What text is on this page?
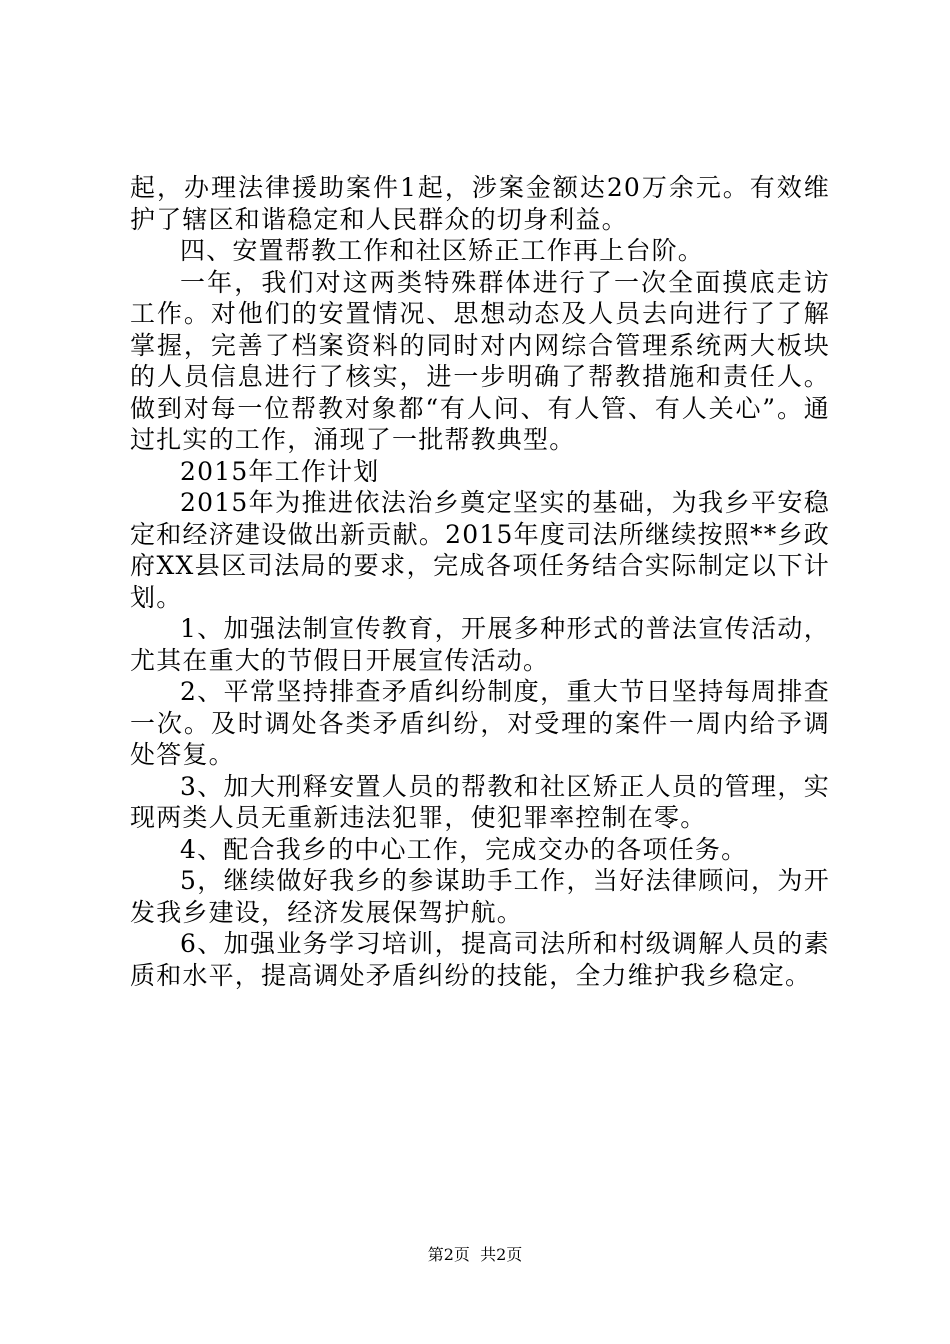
起，办理法律援助案件1起，涉案金额达20万余元。有效维护了辖区和谐稳定和人民群众的切身利益。

四、安置帮教工作和社区矫正工作再上台阶。

一年，我们对这两类特殊群体进行了一次全面摸底走访工作。对他们的安置情况、思想动态及人员去向进行了了解掌握，完善了档案资料的同时对内网综合管理系统两大板块的人员信息进行了核实，进一步明确了帮教措施和责任人。做到对每一位帮教对象都“有人问、有人管、有人关心”。通过扎实的工作，涌现了一批帮教典型。

2015年工作计划

2015年为推进依法治乡奠定坚实的基础，为我乡平安稳定和经济建设做出新贡献。2015年度司法所继续按照**乡政府XX县区司法局的要求，完成各项任务结合实际制定以下计划。

1、加强法制宣传教育，开展多种形式的普法宣传活动，尤其在重大的节假日开展宣传活动。

2、平常坚持排查矛盾纠纷制度，重大节日坚持每周排查一次。及时调处各类矛盾纠纷，对受理的案件一周内给予调处答复。

3、加大刑释安置人员的帮教和社区矫正人员的管理，实现两类人员无重新违法犯罪，使犯罪率控制在零。

4、配合我乡的中心工作，完成交办的各项任务。

5，继续做好我乡的参谋助手工作，当好法律顾问，为开发我乡建设，经济发展保驾护航。

6、加强业务学习培训，提高司法所和村级调解人员的素质和水平，提高调处矛盾纠纷的技能，全力维护我乡稳定。

第2页  共2页
